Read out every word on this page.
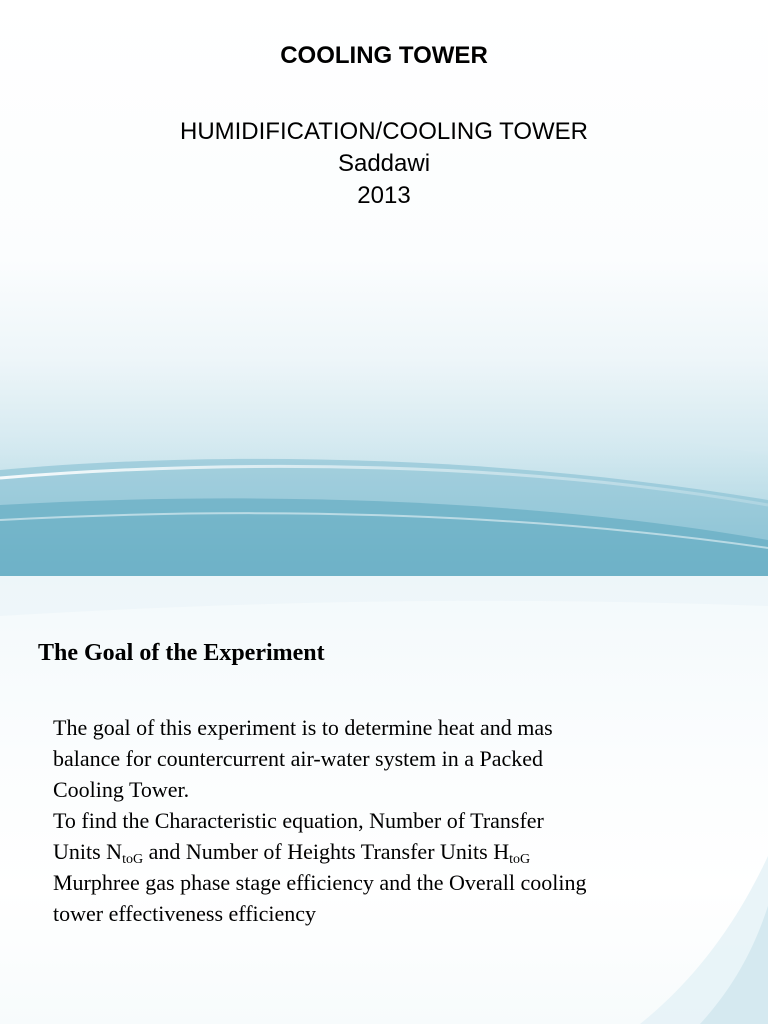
COOLING TOWER
HUMIDIFICATION/COOLING TOWER
Saddawi
2013
The Goal of the Experiment
The goal of this experiment is to determine heat and mas
balance for countercurrent air-water system in a Packed
Cooling Tower.
To find the Characteristic equation, Number of Transfer
Units $N_{toG}$ and Number of Heights Transfer Units $H_{toG}$
Murphree gas phase stage efficiency and the Overall cooling
tower effectiveness efficiency
